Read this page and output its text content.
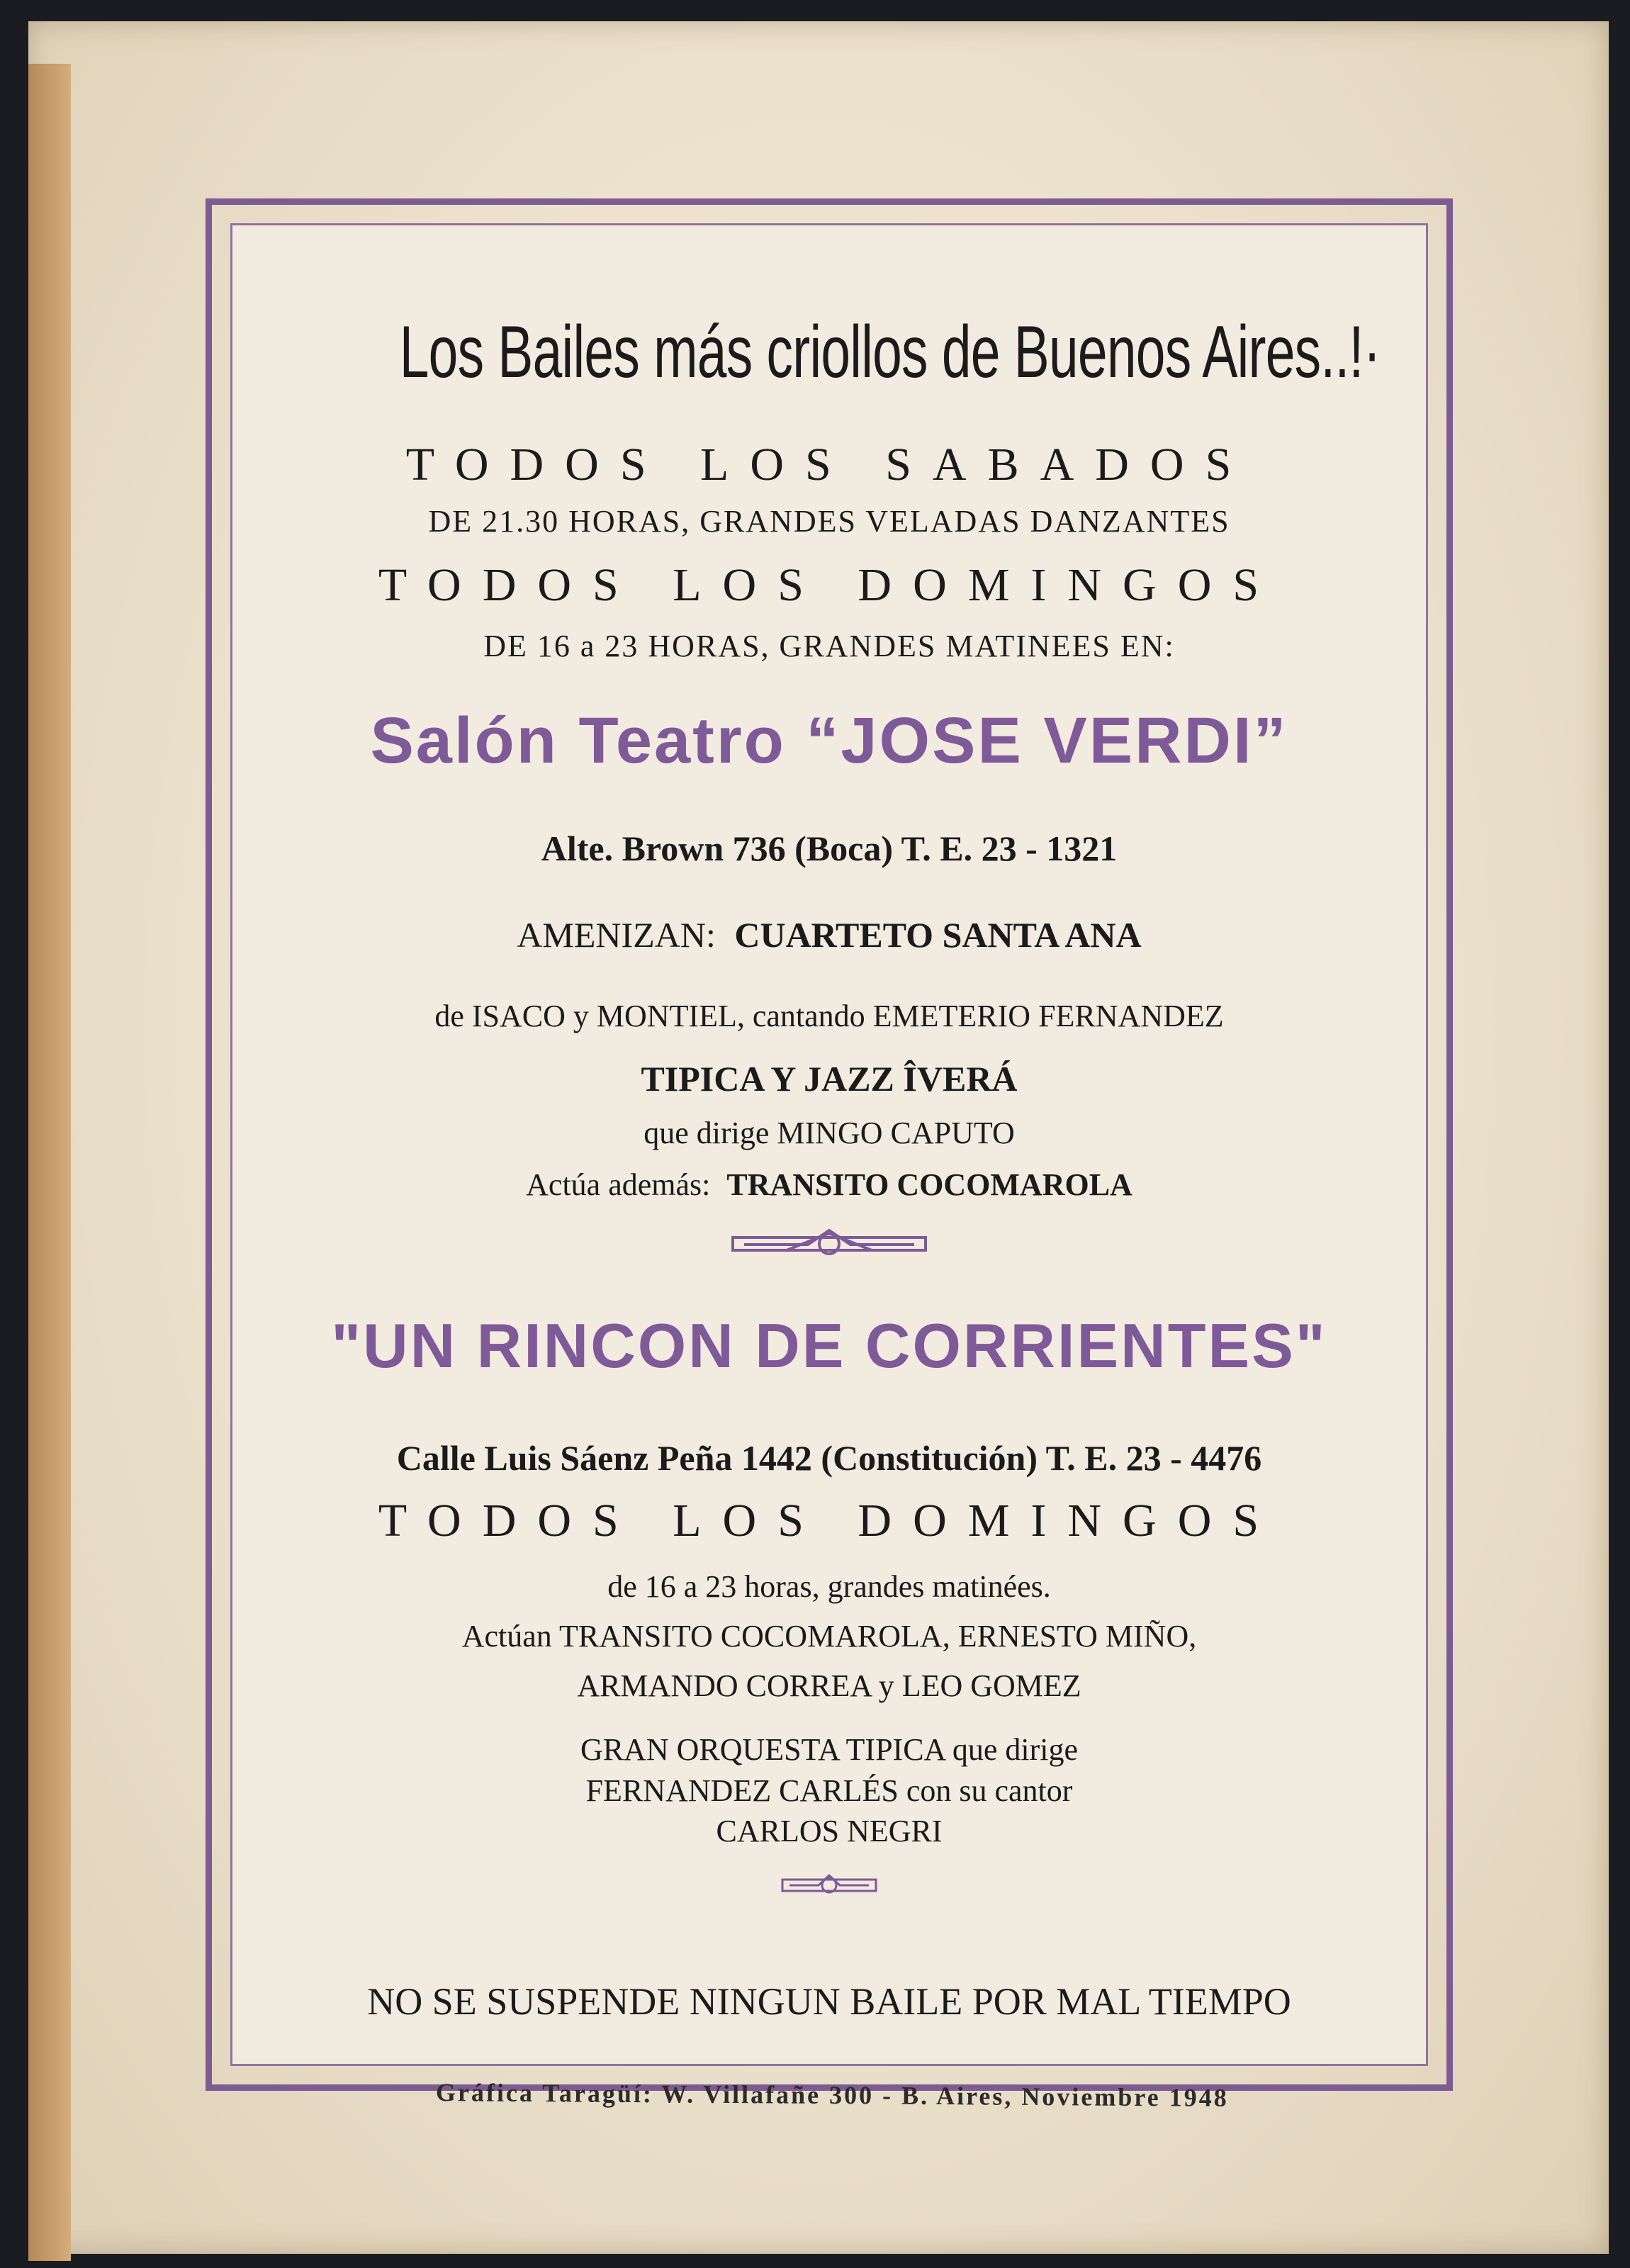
Los Bailes más criollos de Buenos Aires..!·
TODOS LOS SABADOS
DE 21.30 HORAS, GRANDES VELADAS DANZANTES
TODOS LOS DOMINGOS
DE 16 a 23 HORAS, GRANDES MATINEES EN:
Salón Teatro “JOSE VERDI”
Alte. Brown 736 (Boca) T. E. 23 - 1321
AMENIZAN: CUARTETO SANTA ANA
de ISACO y MONTIEL, cantando EMETERIO FERNANDEZ
TIPICA Y JAZZ ÎVERÁ
que dirige MINGO CAPUTO
Actúa además: TRANSITO COCOMAROLA
"UN RINCON DE CORRIENTES"
Calle Luis Sáenz Peña 1442 (Constitución) T. E. 23 - 4476
TODOS LOS DOMINGOS
de 16 a 23 horas, grandes matinées.
Actúan TRANSITO COCOMAROLA, ERNESTO MIÑO,
ARMANDO CORREA y LEO GOMEZ
GRAN ORQUESTA TIPICA que dirige
FERNANDEZ CARLÉS con su cantor
CARLOS NEGRI
NO SE SUSPENDE NINGUN BAILE POR MAL TIEMPO
Gráfica Taragüí: W. Villafañe 300 - B. Aires, Noviembre 1948
